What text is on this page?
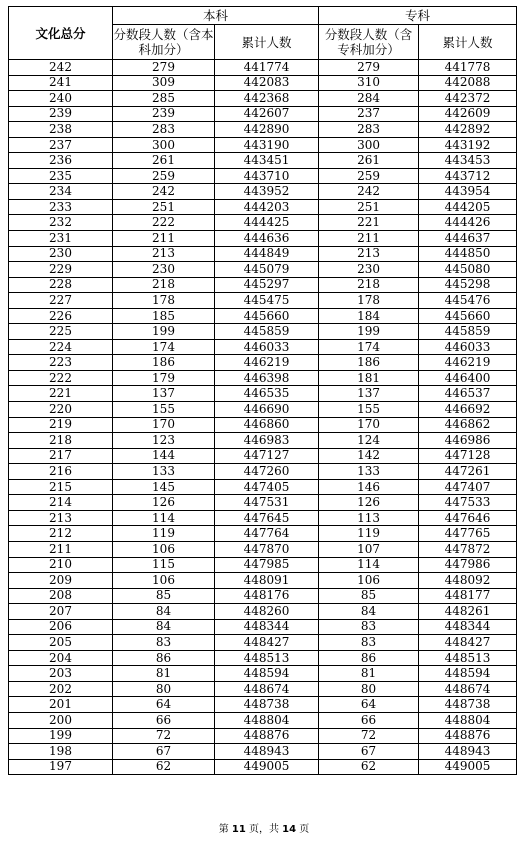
文化总分	本科		专科	
	分数段人数（含本科加分）	累计人数	分数段人数（含专科加分）	累计人数
242	279	441774	279	441778
241	309	442083	310	442088
240	285	442368	284	442372
239	239	442607	237	442609
238	283	442890	283	442892
237	300	443190	300	443192
236	261	443451	261	443453
235	259	443710	259	443712
234	242	443952	242	443954
233	251	444203	251	444205
232	222	444425	221	444426
231	211	444636	211	444637
230	213	444849	213	444850
229	230	445079	230	445080
228	218	445297	218	445298
227	178	445475	178	445476
226	185	445660	184	445660
225	199	445859	199	445859
224	174	446033	174	446033
223	186	446219	186	446219
222	179	446398	181	446400
221	137	446535	137	446537
220	155	446690	155	446692
219	170	446860	170	446862
218	123	446983	124	446986
217	144	447127	142	447128
216	133	447260	133	447261
215	145	447405	146	447407
214	126	447531	126	447533
213	114	447645	113	447646
212	119	447764	119	447765
211	106	447870	107	447872
210	115	447985	114	447986
209	106	448091	106	448092
208	85	448176	85	448177
207	84	448260	84	448261
206	84	448344	83	448344
205	83	448427	83	448427
204	86	448513	86	448513
203	81	448594	81	448594
202	80	448674	80	448674
201	64	448738	64	448738
200	66	448804	66	448804
199	72	448876	72	448876
198	67	448943	67	448943
197	62	449005	62	449005
第 11 页，共 14 页
